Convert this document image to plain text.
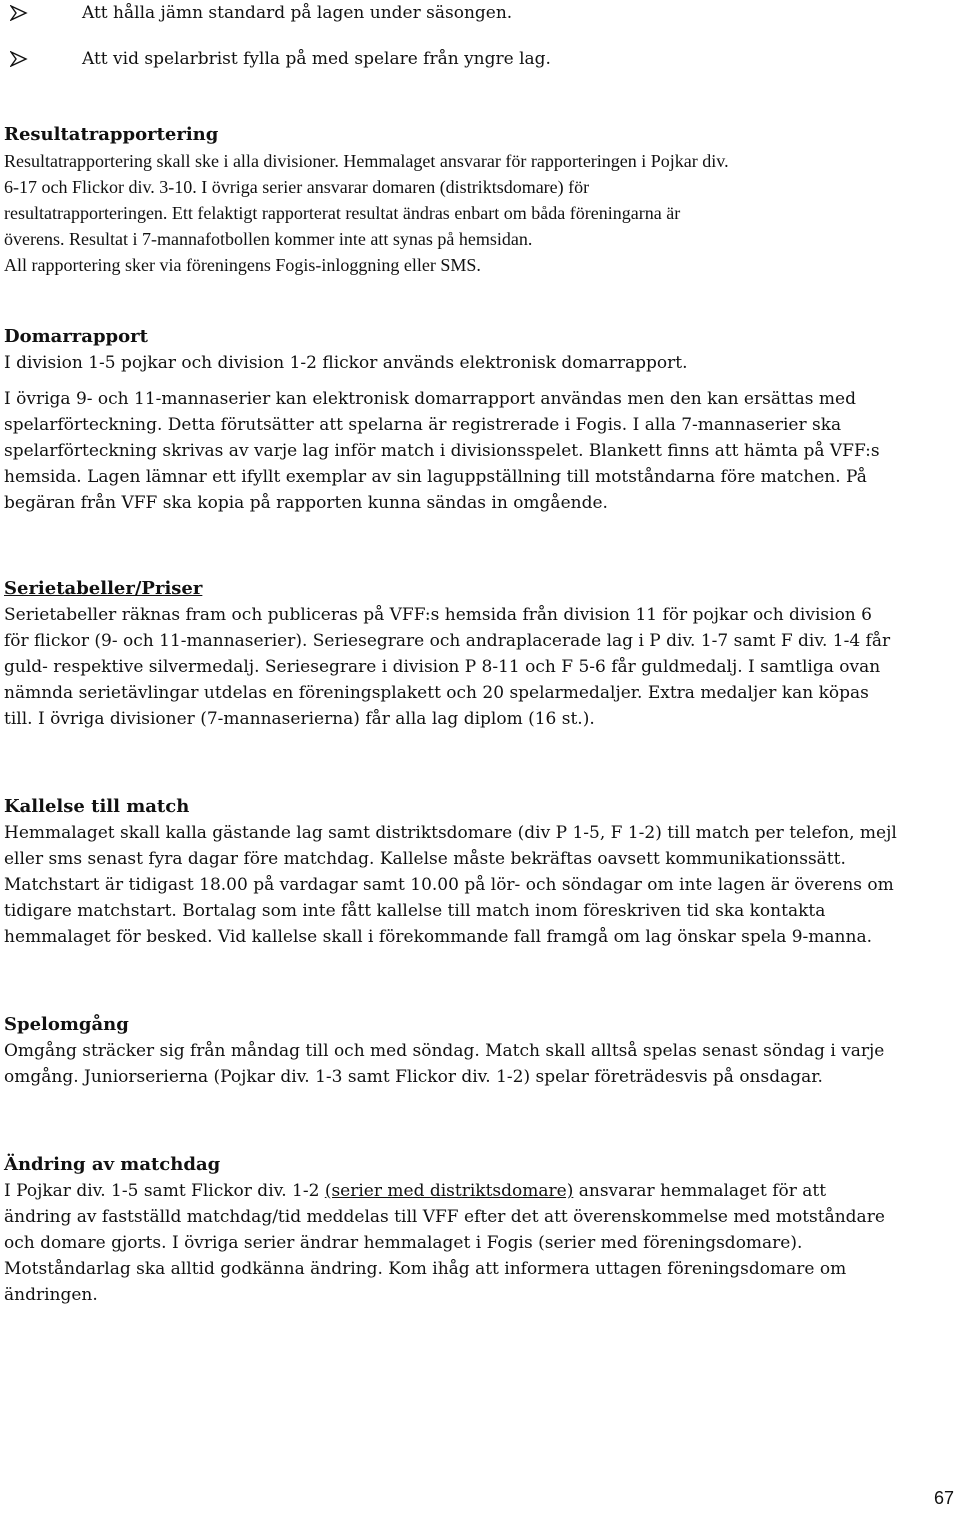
Att hålla jämn standard på lagen under säsongen.
Att vid spelarbrist fylla på med spelare från yngre lag.
Resultatrapportering

Resultatrapportering skall ske i alla divisioner. Hemmalaget ansvarar för rapporteringen i Pojkar div.

6-17 och Flickor div. 3-10. I övriga serier ansvarar domaren (distriktsdomare) för

resultatrapporteringen. Ett felaktigt rapporterat resultat ändras enbart om båda föreningarna är

överens. Resultat i 7-mannafotbollen kommer inte att synas på hemsidan.

All rapportering sker via föreningens Fogis-inloggning eller SMS.

Domarrapport

I division 1-5 pojkar och division 1-2 flickor används elektronisk domarrapport.

I övriga 9- och 11-mannaserier kan elektronisk domarrapport användas men den kan ersättas med

spelarförteckning. Detta förutsätter att spelarna är registrerade i Fogis. I alla 7-mannaserier ska

spelarförteckning skrivas av varje lag inför match i divisionsspelet. Blankett finns att hämta på VFF:s

hemsida. Lagen lämnar ett ifyllt exemplar av sin laguppställning till motståndarna före matchen. På

begäran från VFF ska kopia på rapporten kunna sändas in omgående.

Serietabeller/Priser

Serietabeller räknas fram och publiceras på VFF:s hemsida från division 11 för pojkar och division 6

för flickor (9- och 11-mannaserier). Seriesegrare och andraplacerade lag i P div. 1-7 samt F div. 1-4 får

guld- respektive silvermedalj. Seriesegrare i division P 8-11 och F 5-6 får guldmedalj. I samtliga ovan

nämnda serietävlingar utdelas en föreningsplakett och 20 spelarmedaljer. Extra medaljer kan köpas

till. I övriga divisioner (7-mannaserierna) får alla lag diplom (16 st.).

Kallelse till match

Hemmalaget skall kalla gästande lag samt distriktsdomare (div P 1-5, F 1-2) till match per telefon, mejl

eller sms senast fyra dagar före matchdag. Kallelse måste bekräftas oavsett kommunikationssätt.

Matchstart är tidigast 18.00 på vardagar samt 10.00 på lör- och söndagar om inte lagen är överens om

tidigare matchstart. Bortalag som inte fått kallelse till match inom föreskriven tid ska kontakta

hemmalaget för besked. Vid kallelse skall i förekommande fall framgå om lag önskar spela 9-manna.

Spelomgång

Omgång sträcker sig från måndag till och med söndag. Match skall alltså spelas senast söndag i varje

omgång. Juniorserierna (Pojkar div. 1-3 samt Flickor div. 1-2) spelar företrädesvis på onsdagar.

Ändring av matchdag

I Pojkar div. 1-5 samt Flickor div. 1-2 (serier med distriktsdomare) ansvarar hemmalaget för att

ändring av fastställd matchdag/tid meddelas till VFF efter det att överenskommelse med motståndare

och domare gjorts. I övriga serier ändrar hemmalaget i Fogis (serier med föreningsdomare).

Motståndarlag ska alltid godkänna ändring. Kom ihåg att informera uttagen föreningsdomare om

ändringen.

67
